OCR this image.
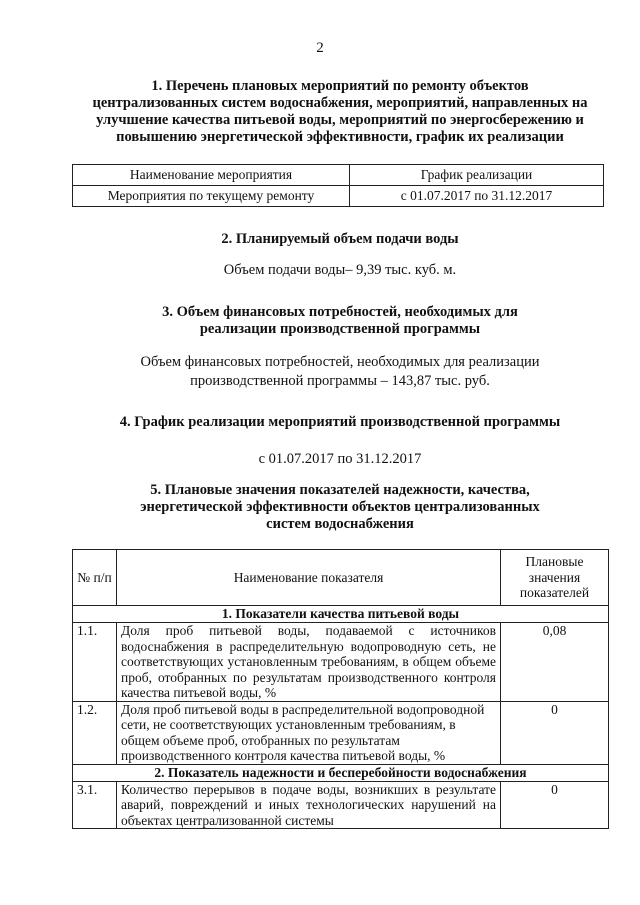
2
1. Перечень плановых мероприятий по ремонту объектов
централизованных систем водоснабжения, мероприятий, направленных на
улучшение качества питьевой воды, мероприятий по энергосбережению и
повышению энергетической эффективности, график их реализации
Наименование мероприятия	График реализации
Мероприятия по текущему ремонту	с 01.07.2017 по 31.12.2017
2. Планируемый объем подачи воды
Объем подачи воды– 9,39 тыс. куб. м.
3. Объем финансовых потребностей, необходимых для
реализации производственной программы
Объем финансовых потребностей, необходимых для реализации
производственной программы – 143,87 тыс. руб.
4. График реализации мероприятий производственной программы
с 01.07.2017 по 31.12.2017
5. Плановые значения показателей надежности, качества,
энергетической эффективности объектов централизованных
систем водоснабжения
№ п/п	Наименование показателя	Плановые значения показателей
1. Показатели качества питьевой воды		
1.1.	Доля проб питьевой воды, подаваемой с источников водоснабжения в распределительную водопроводную сеть, не соответствующих установленным требованиям, в общем объеме проб, отобранных по результатам производственного контроля качества питьевой воды, %	0,08
1.2.	Доля проб питьевой воды в распределительной водопроводной сети, не соответствующих установленным требованиям, в общем объеме проб, отобранных по результатам производственного контроля качества питьевой воды, %	0
2. Показатель надежности и бесперебойности водоснабжения		
3.1.	Количество перерывов в подаче воды, возникших в результате аварий, повреждений и иных технологических нарушений на объектах централизованной системы	0
